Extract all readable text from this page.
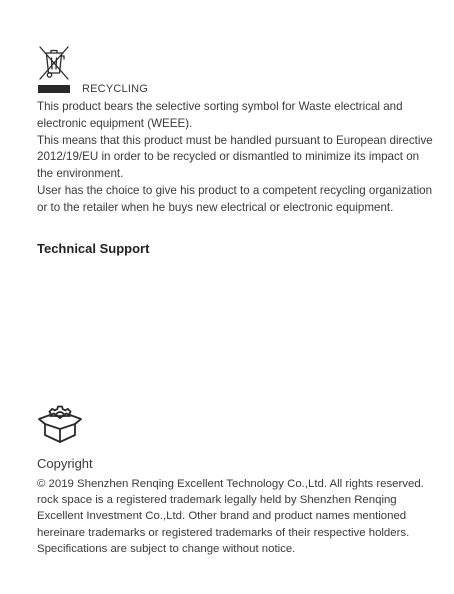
RECYCLING

This product bears the selective sorting symbol for Waste electrical and electronic equipment (WEEE).

This means that this product must be handled pursuant to European directive 2012/19/EU in order to be recycled or dismantled to minimize its impact on the environment.

User has the choice to give his product to a competent recycling organization or to the retailer when he buys new electrical or electronic equipment.

Technical Support
Copyright

© 2019 Shenzhen Renqing Excellent Technology Co.,Ltd. All rights reserved.

rock space is a registered trademark legally held by Shenzhen Renqing

Excellent Investment Co.,Ltd. Other brand and product names mentioned

hereinare trademarks or registered trademarks of their respective holders.

Specifications are subject to change without notice.
